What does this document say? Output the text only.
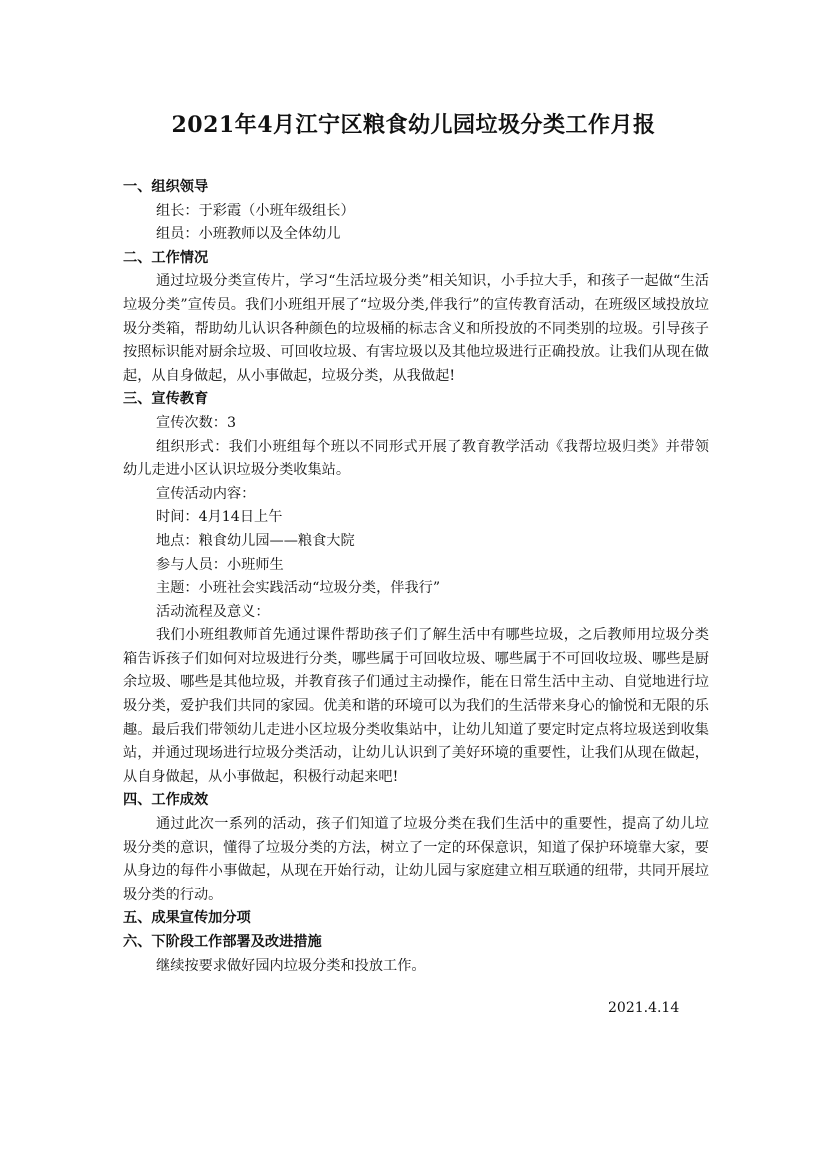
2021年4月江宁区粮食幼儿园垃圾分类工作月报

一、组织领导

组长：于彩霞（小班年级组长）

组员：小班教师以及全体幼儿

二、工作情况

通过垃圾分类宣传片，学习“生活垃圾分类”相关知识，小手拉大手，和孩子一起做“生活垃圾分类”宣传员。我们小班组开展了“垃圾分类,伴我行”的宣传教育活动，在班级区域投放垃圾分类箱，帮助幼儿认识各种颜色的垃圾桶的标志含义和所投放的不同类别的垃圾。引导孩子按照标识能对厨余垃圾、可回收垃圾、有害垃圾以及其他垃圾进行正确投放。让我们从现在做起，从自身做起，从小事做起，垃圾分类，从我做起!

三、宣传教育

宣传次数：3

组织形式：我们小班组每个班以不同形式开展了教育教学活动《我帮垃圾归类》并带领幼儿走进小区认识垃圾分类收集站。

宣传活动内容：

时间：4月14日上午

地点：粮食幼儿园——粮食大院

参与人员：小班师生

主题：小班社会实践活动“垃圾分类，伴我行”

活动流程及意义：

我们小班组教师首先通过课件帮助孩子们了解生活中有哪些垃圾，之后教师用垃圾分类箱告诉孩子们如何对垃圾进行分类，哪些属于可回收垃圾、哪些属于不可回收垃圾、哪些是厨余垃圾、哪些是其他垃圾，并教育孩子们通过主动操作，能在日常生活中主动、自觉地进行垃圾分类，爱护我们共同的家园。优美和谐的环境可以为我们的生活带来身心的愉悦和无限的乐趣。最后我们带领幼儿走进小区垃圾分类收集站中，让幼儿知道了要定时定点将垃圾送到收集站，并通过现场进行垃圾分类活动，让幼儿认识到了美好环境的重要性，让我们从现在做起，从自身做起，从小事做起，积极行动起来吧!

四、工作成效

通过此次一系列的活动，孩子们知道了垃圾分类在我们生活中的重要性，提高了幼儿垃圾分类的意识，懂得了垃圾分类的方法，树立了一定的环保意识，知道了保护环境靠大家，要从身边的每件小事做起，从现在开始行动，让幼儿园与家庭建立相互联通的纽带，共同开展垃圾分类的行动。

五、成果宣传加分项

六、下阶段工作部署及改进措施

继续按要求做好园内垃圾分类和投放工作。

2021.4.14
